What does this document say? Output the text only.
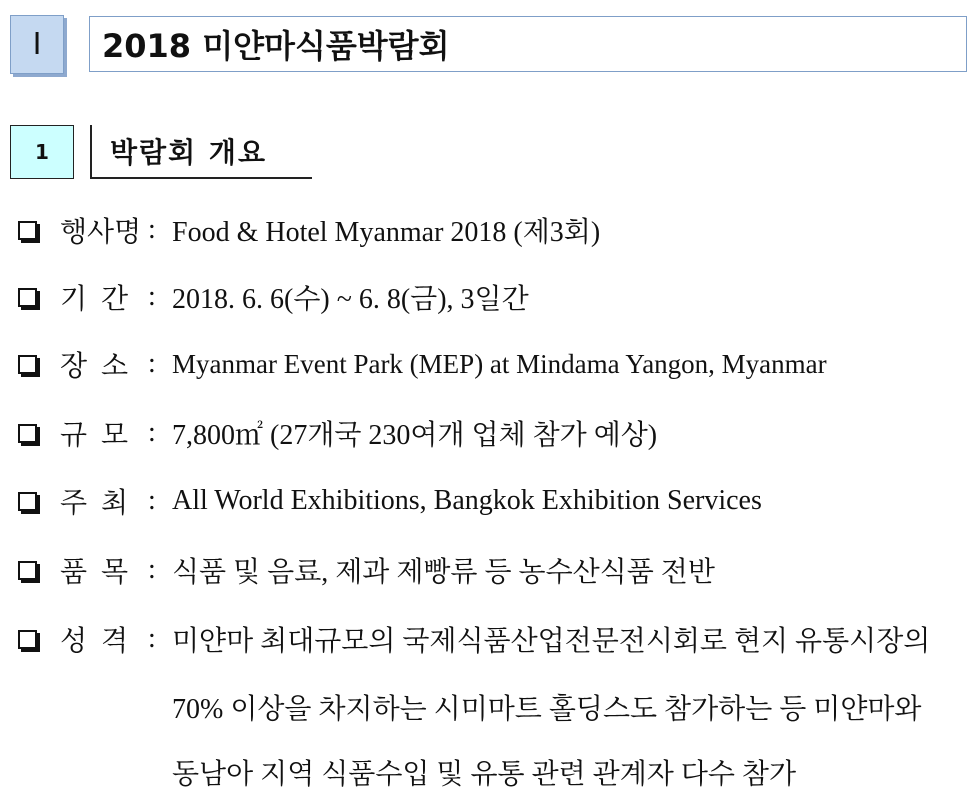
Ⅰ	2018 미얀마식품박람회
1	박람회 개요
행사명 : Food & Hotel Myanmar 2018 (제3회)
기  간 : 2018. 6. 6(수) ~ 6. 8(금), 3일간
장  소 : Myanmar Event Park (MEP) at Mindama Yangon, Myanmar
규  모 : 7,800㎡ (27개국 230여개 업체 참가 예상)
주  최 : All World Exhibitions, Bangkok Exhibition Services
품  목 : 식품 및 음료, 제과 제빵류 등 농수산식품 전반
성  격 : 미얀마 최대규모의 국제식품산업전문전시회로 현지 유통시장의
70% 이상을 차지하는 시미마트 홀딩스도 참가하는 등 미얀마와
동남아 지역 식품수입 및 유통 관련 관계자 다수 참가
